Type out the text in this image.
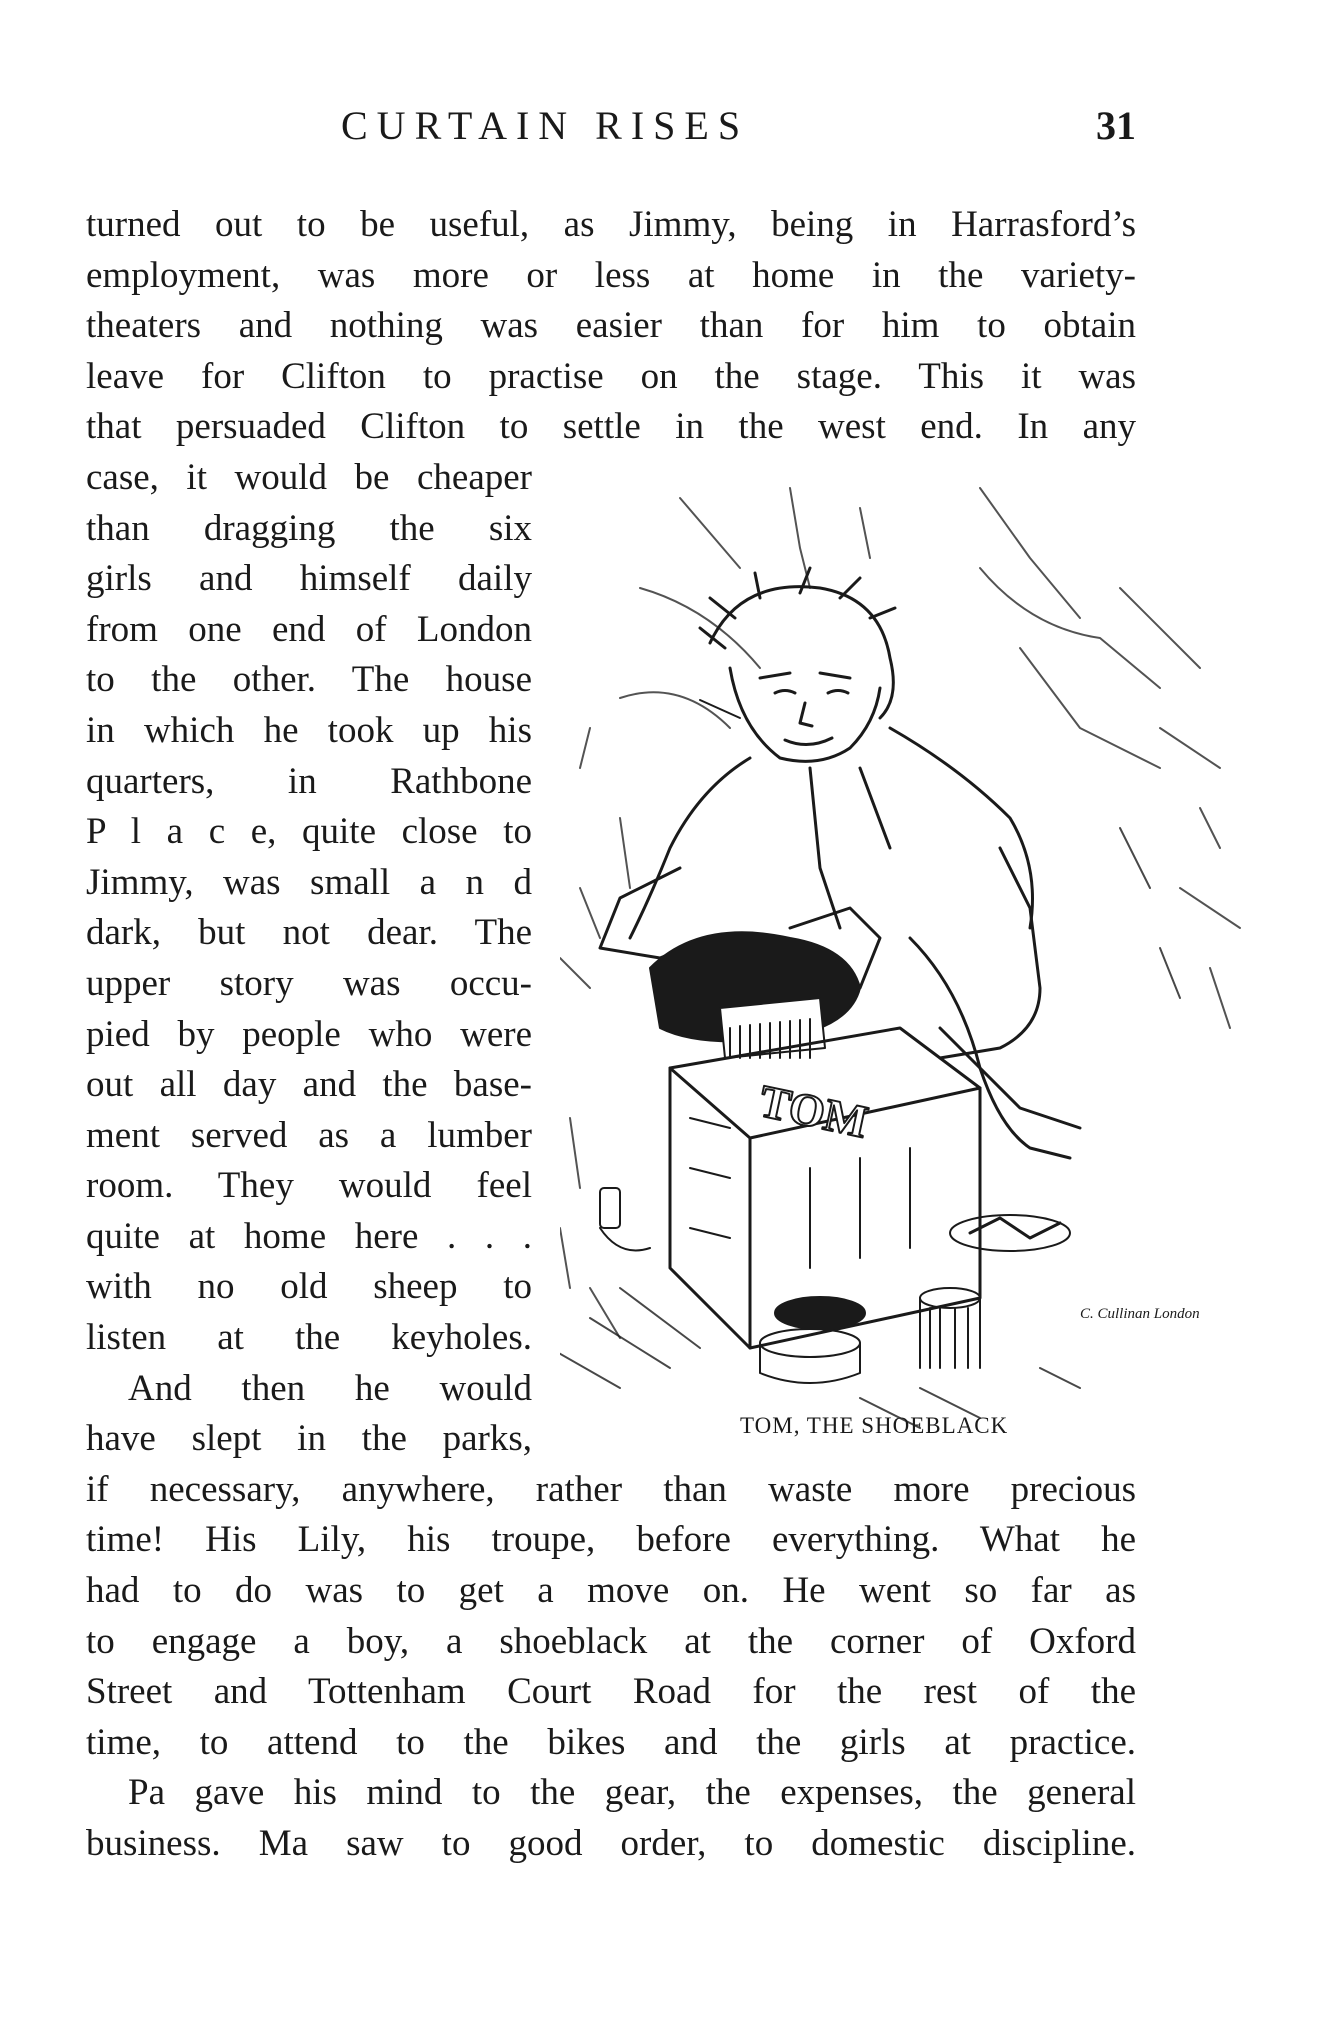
CURTAIN RISES	31
turned out to be useful, as Jimmy, being in Harrasford’s
employment, was more or less at home in the variety-
theaters and nothing was easier than for him to obtain
leave for Clifton to practise on the stage. This it was
that persuaded Clifton to settle in the west end. In any
case, it would be cheaper
than dragging the six
girls and himself daily
from one end of London
to the other. The house
in which he took up his
quarters, in Rathbone
P l a c e, quite close to
Jimmy, was small a n d
dark, but not dear. The
upper story was occu-
pied by people who were
out all day and the base-
ment served as a lumber
room. They would feel
quite at home here . . .
with no old sheep to
listen at the keyholes.
And then he would
have slept in the parks,
if necessary, anywhere, rather than waste more precious
time! His Lily, his troupe, before everything. What he
had to do was to get a move on. He went so far as
to engage a boy, a shoeblack at the corner of Oxford
Street and Tottenham Court Road for the rest of the
time, to attend to the bikes and the girls at practice.
Pa gave his mind to the gear, the expenses, the general
business. Ma saw to good order, to domestic discipline.
TOM
C. Cullinan London
TOM, THE SHOEBLACK
